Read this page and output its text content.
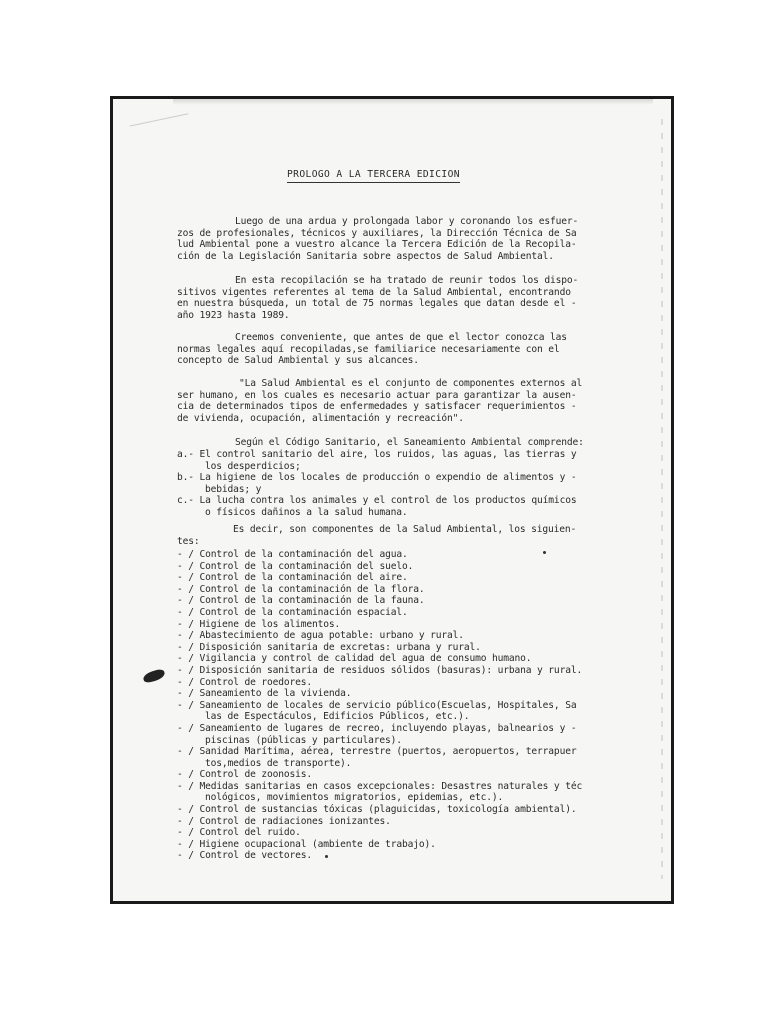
PROLOGO A LA TERCERA EDICION

Luego de una ardua y prolongada labor y coronando los esfuer-
zos de profesionales, técnicos y auxiliares, la Dirección Técnica de Sa
lud Ambiental pone a vuestro alcance la Tercera Edición de la Recopila-
ción de la Legislación Sanitaria sobre aspectos de Salud Ambiental.

En esta recopilación se ha tratado de reunir todos los dispo-
sitivos vigentes referentes al tema de la Salud Ambiental, encontrando
en nuestra búsqueda, un total de 75 normas legales que datan desde el -
año 1923 hasta 1989.

Creemos conveniente, que antes de que el lector conozca las
normas legales aquí recopiladas,se familiarice necesariamente con el
concepto de Salud Ambiental y sus alcances.

"La Salud Ambiental es el conjunto de componentes externos al
ser humano, en los cuales es necesario actuar para garantizar la ausen-
cia de determinados tipos de enfermedades y satisfacer requerimientos -
de vivienda, ocupación, alimentación y recreación".

Según el Código Sanitario, el Saneamiento Ambiental comprende:

a.- El control sanitario del aire, los ruidos, las aguas, las tierras y
los desperdicios;
b.- La higiene de los locales de producción o expendio de alimentos y -
bebidas; y
c.- La lucha contra los animales y el control de los productos químicos
o físicos dañinos a la salud humana.

Es decir, son componentes de la Salud Ambiental, los siguien-
tes:

- / Control de la contaminación del agua.
- / Control de la contaminación del suelo.
- / Control de la contaminación del aire.
- / Control de la contaminación de la flora.
- / Control de la contaminación de la fauna.
- / Control de la contaminación espacial.
- / Higiene de los alimentos.
- / Abastecimiento de agua potable: urbano y rural.
- / Disposición sanitaria de excretas: urbana y rural.
- / Vigilancia y control de calidad del agua de consumo humano.
- / Disposición sanitaria de residuos sólidos (basuras): urbana y rural.
- / Control de roedores.
- / Saneamiento de la vivienda.
- / Saneamiento de locales de servicio público(Escuelas, Hospitales, Sa
las de Espectáculos, Edificios Públicos, etc.).
- / Saneamiento de lugares de recreo, incluyendo playas, balnearios y -
piscinas (públicas y particulares).
- / Sanidad Marítima, aérea, terrestre (puertos, aeropuertos, terrapuer
tos,medios de transporte).
- / Control de zoonosis.
- / Medidas sanitarias en casos excepcionales: Desastres naturales y téc
nológicos, movimientos migratorios, epidemias, etc.).
- / Control de sustancias tóxicas (plaguicidas, toxicología ambiental).
- / Control de radiaciones ionizantes.
- / Control del ruido.
- / Higiene ocupacional (ambiente de trabajo).
- / Control de vectores.
